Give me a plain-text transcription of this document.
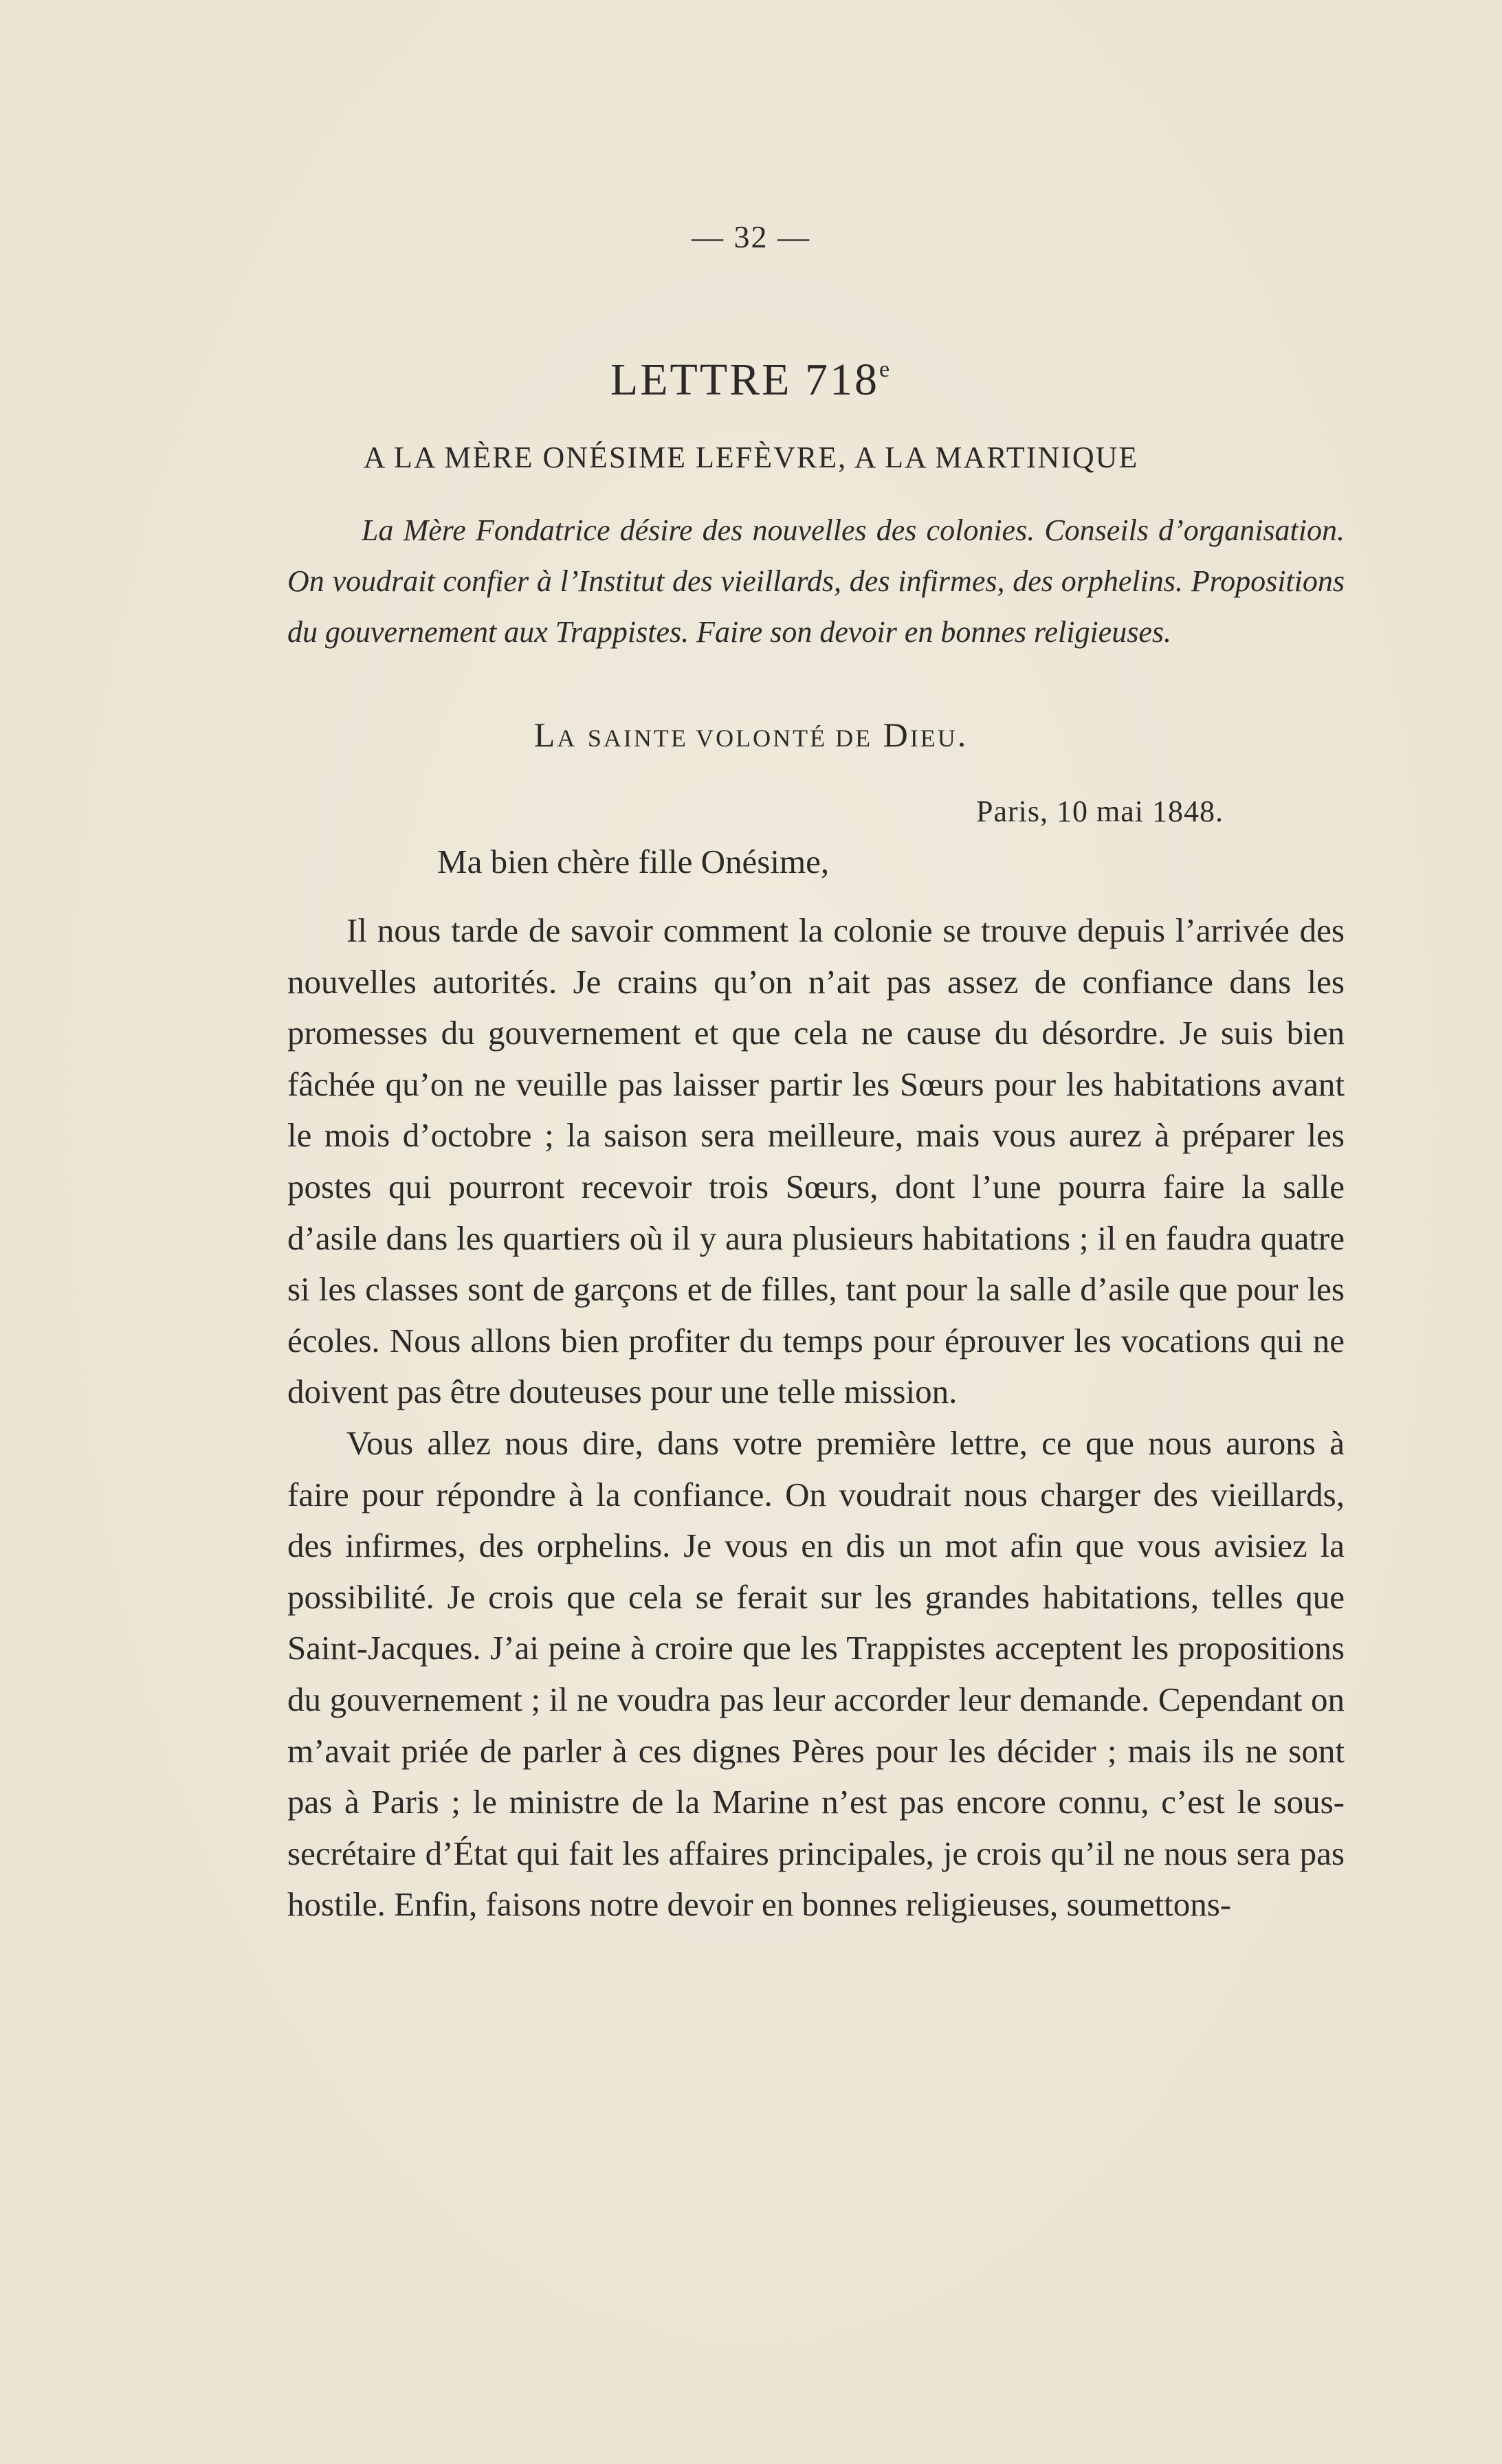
— 32 —
LETTRE 718e
A LA MÈRE ONÉSIME LEFÈVRE, A LA MARTINIQUE
La Mère Fondatrice désire des nouvelles des colonies. Conseils d’organisation. On voudrait confier à l’Institut des vieillards, des infirmes, des orphelins. Propositions du gouvernement aux Trappistes. Faire son devoir en bonnes religieuses.
LA SAINTE VOLONTÉ DE DIEU.
Paris, 10 mai 1848.
Ma bien chère fille Onésime,

Il nous tarde de savoir comment la colonie se trouve depuis l’arrivée des nouvelles autorités. Je crains qu’on n’ait pas assez de confiance dans les promesses du gouvernement et que cela ne cause du désordre. Je suis bien fâchée qu’on ne veuille pas laisser partir les Sœurs pour les habitations avant le mois d’octobre ; la saison sera meilleure, mais vous aurez à préparer les postes qui pourront recevoir trois Sœurs, dont l’une pourra faire la salle d’asile dans les quartiers où il y aura plusieurs habitations ; il en faudra quatre si les classes sont de garçons et de filles, tant pour la salle d’asile que pour les écoles. Nous allons bien profiter du temps pour éprouver les vocations qui ne doivent pas être douteuses pour une telle mission.

Vous allez nous dire, dans votre première lettre, ce que nous aurons à faire pour répondre à la confiance. On voudrait nous charger des vieillards, des infirmes, des orphelins. Je vous en dis un mot afin que vous avisiez la possibilité. Je crois que cela se ferait sur les grandes habitations, telles que Saint-Jacques. J’ai peine à croire que les Trappistes acceptent les propositions du gouvernement ; il ne voudra pas leur accorder leur demande. Cependant on m’avait priée de parler à ces dignes Pères pour les décider ; mais ils ne sont pas à Paris ; le ministre de la Marine n’est pas encore connu, c’est le sous-secrétaire d’État qui fait les affaires principales, je crois qu’il ne nous sera pas hostile. Enfin, faisons notre devoir en bonnes religieuses, soumettons-
